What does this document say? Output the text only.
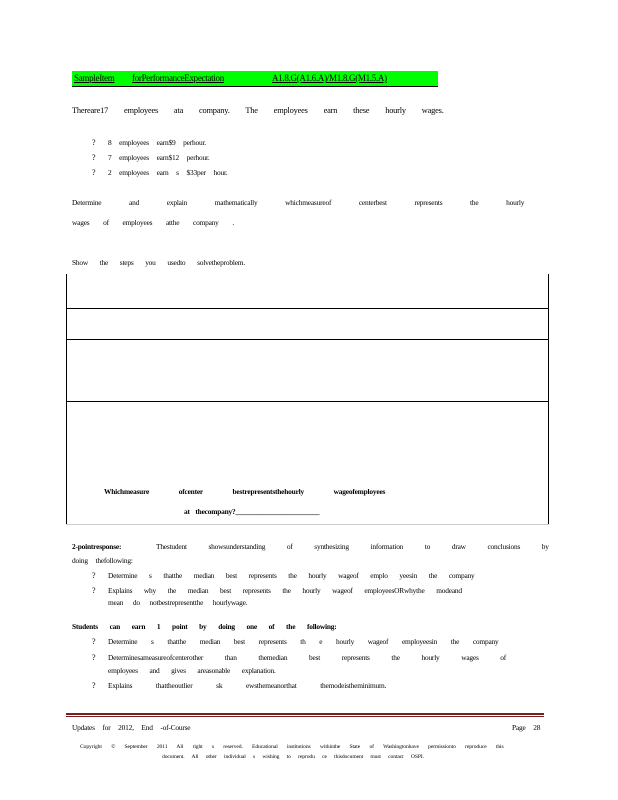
SampleItem forPerformanceExpectation	A1.8.G(A1.6.A)/M1.8.G(M1.5.A)
Thereare17 employees ata company. The employees earn these hourly wages.
? 8 employees earn$9 perhour.
? 7 employees earn$12 perhour.
? 2 employees earn s $33per hour.
Determine and explain mathematically whichmeasureof centerbest represents the hourly
wages of employees atthe company .
Show the steps you usedto solvetheproblem.
Whichmeasure ofcenter bestrepresentsthehourly wageofemployees
at thecompany?________________________
2-pointresponse:	Thestudent showsunderstanding of synthesizing information to draw conclusions by
doing thefollowing:
? Determine s thatthe median best represents the hourly wageof emplo yeesin the company
? Explains why the median best represents the hourly wageof employeesORwhythe modeand
mean do notbestrepresentthe hourlywage.
Students can earn 1 point by doing one of the following:
? Determine s thatthe median best represents th e hourly wageof employeesin the company
? Determinesameasureofcenterother than themedian best represents the hourly wages of
employees and gives areasonable explanation.
? Explains thattheoutlier sk ewsthemeanorthat themodeistheminimum.
Updates for 2012, End -of-Course	Page 28
Copyright © September 2011 All right s reserved. Educational institutions withinthe State of Washingtonhave permissionto reproduce this
document. All other individual s wishing to reprodu ce thisdocument must contact OSPI.
